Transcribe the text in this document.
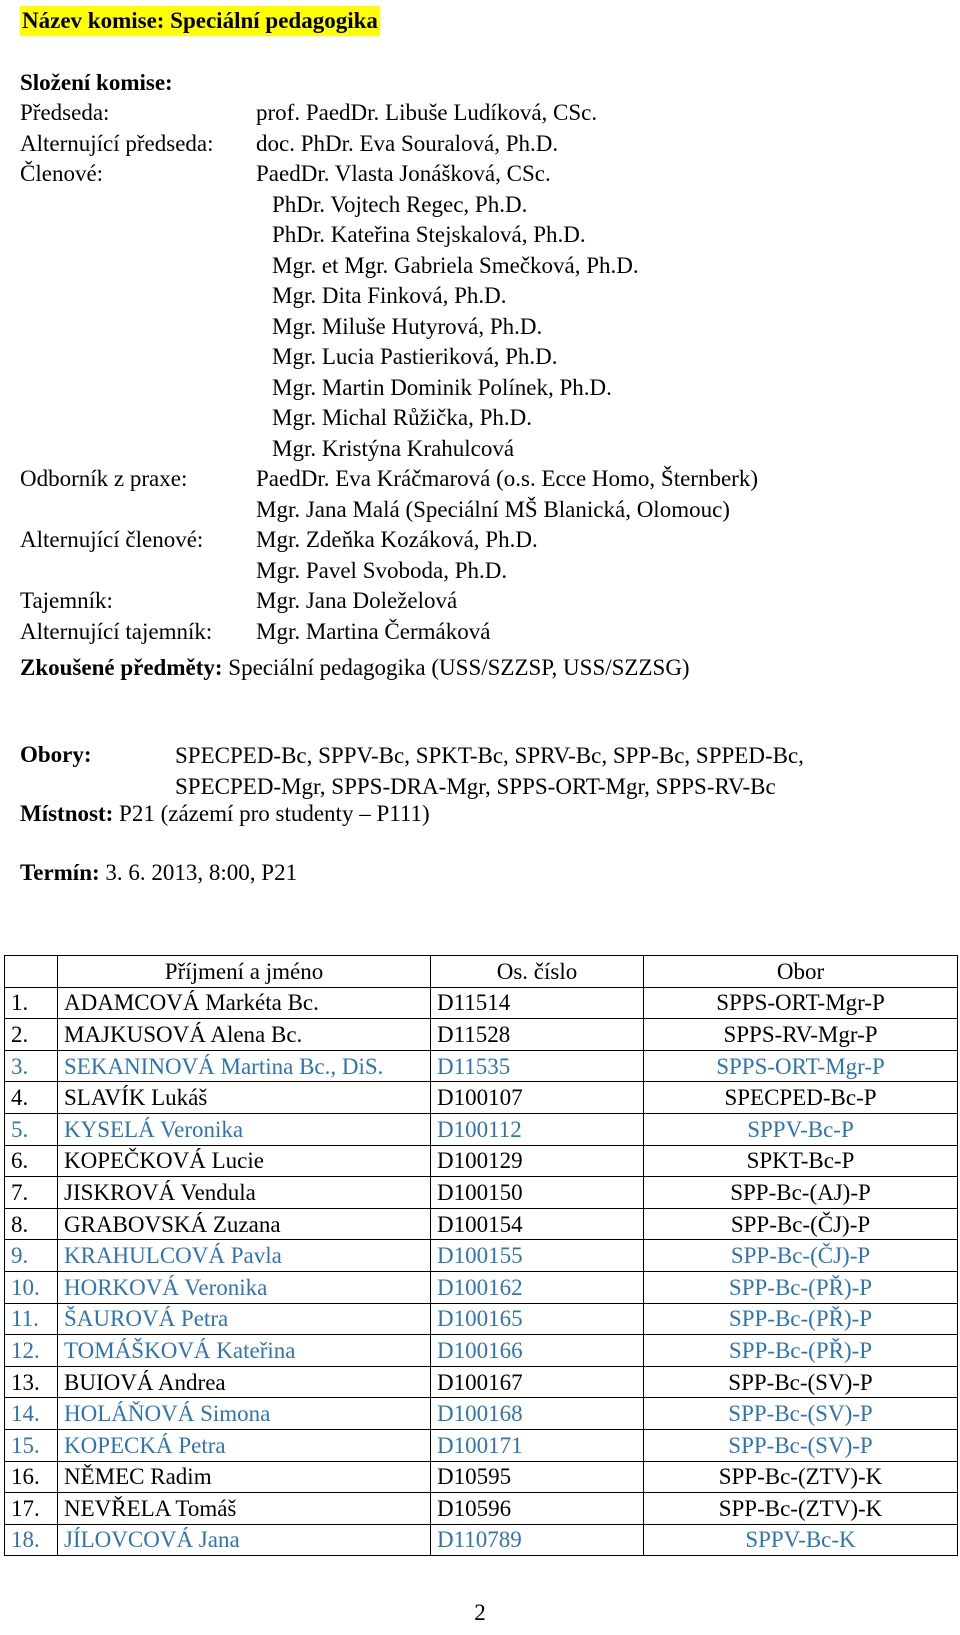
Název komise: Speciální pedagogika
Složení komise:
Předseda:	prof. PaedDr. Libuše Ludíková, CSc.
Alternující předseda:	doc. PhDr. Eva Souralová, Ph.D.
Členové:	PaedDr. Vlasta Jonášková, CSc.
PhDr. Vojtech Regec, Ph.D.
PhDr. Kateřina Stejskalová, Ph.D.
Mgr. et Mgr. Gabriela Smečková, Ph.D.
Mgr. Dita Finková, Ph.D.
Mgr. Miluše Hutyrová, Ph.D.
Mgr. Lucia Pastieriková, Ph.D.
Mgr. Martin Dominik Polínek, Ph.D.
Mgr. Michal Růžička, Ph.D.
Mgr. Kristýna Krahulcová
Odborník z praxe:	PaedDr. Eva Kráčmarová (o.s. Ecce Homo, Šternberk)
Mgr. Jana Malá (Speciální MŠ Blanická, Olomouc)
Alternující členové:	Mgr. Zdeňka Kozáková, Ph.D.
Mgr. Pavel Svoboda, Ph.D.
Tajemník:	Mgr. Jana Doleželová
Alternující tajemník:	Mgr. Martina Čermáková
Zkoušené předměty: Speciální pedagogika (USS/SZZSP, USS/SZZSG)
Obory:	SPECPED-Bc, SPPV-Bc, SPKT-Bc, SPRV-Bc, SPP-Bc, SPPED-Bc,
SPECPED-Mgr, SPPS-DRA-Mgr, SPPS-ORT-Mgr, SPPS-RV-Bc
Místnost: P21 (zázemí pro studenty – P111)
Termín: 3. 6. 2013, 8:00, P21
	Příjmení a jméno	Os. číslo	Obor
1.	ADAMCOVÁ Markéta Bc.	D11514	SPPS-ORT-Mgr-P
2.	MAJKUSOVÁ Alena Bc.	D11528	SPPS-RV-Mgr-P
3.	SEKANINOVÁ Martina Bc., DiS.	D11535	SPPS-ORT-Mgr-P
4.	SLAVÍK Lukáš	D100107	SPECPED-Bc-P
5.	KYSELÁ Veronika	D100112	SPPV-Bc-P
6.	KOPEČKOVÁ Lucie	D100129	SPKT-Bc-P
7.	JISKROVÁ Vendula	D100150	SPP-Bc-(AJ)-P
8.	GRABOVSKÁ Zuzana	D100154	SPP-Bc-(ČJ)-P
9.	KRAHULCOVÁ Pavla	D100155	SPP-Bc-(ČJ)-P
10.	HORKOVÁ Veronika	D100162	SPP-Bc-(PŘ)-P
11.	ŠAUROVÁ Petra	D100165	SPP-Bc-(PŘ)-P
12.	TOMÁŠKOVÁ Kateřina	D100166	SPP-Bc-(PŘ)-P
13.	BUIOVÁ Andrea	D100167	SPP-Bc-(SV)-P
14.	HOLÁŇOVÁ Simona	D100168	SPP-Bc-(SV)-P
15.	KOPECKÁ Petra	D100171	SPP-Bc-(SV)-P
16.	NĚMEC Radim	D10595	SPP-Bc-(ZTV)-K
17.	NEVŘELA Tomáš	D10596	SPP-Bc-(ZTV)-K
18.	JÍLOVCOVÁ Jana	D110789	SPPV-Bc-K
2
